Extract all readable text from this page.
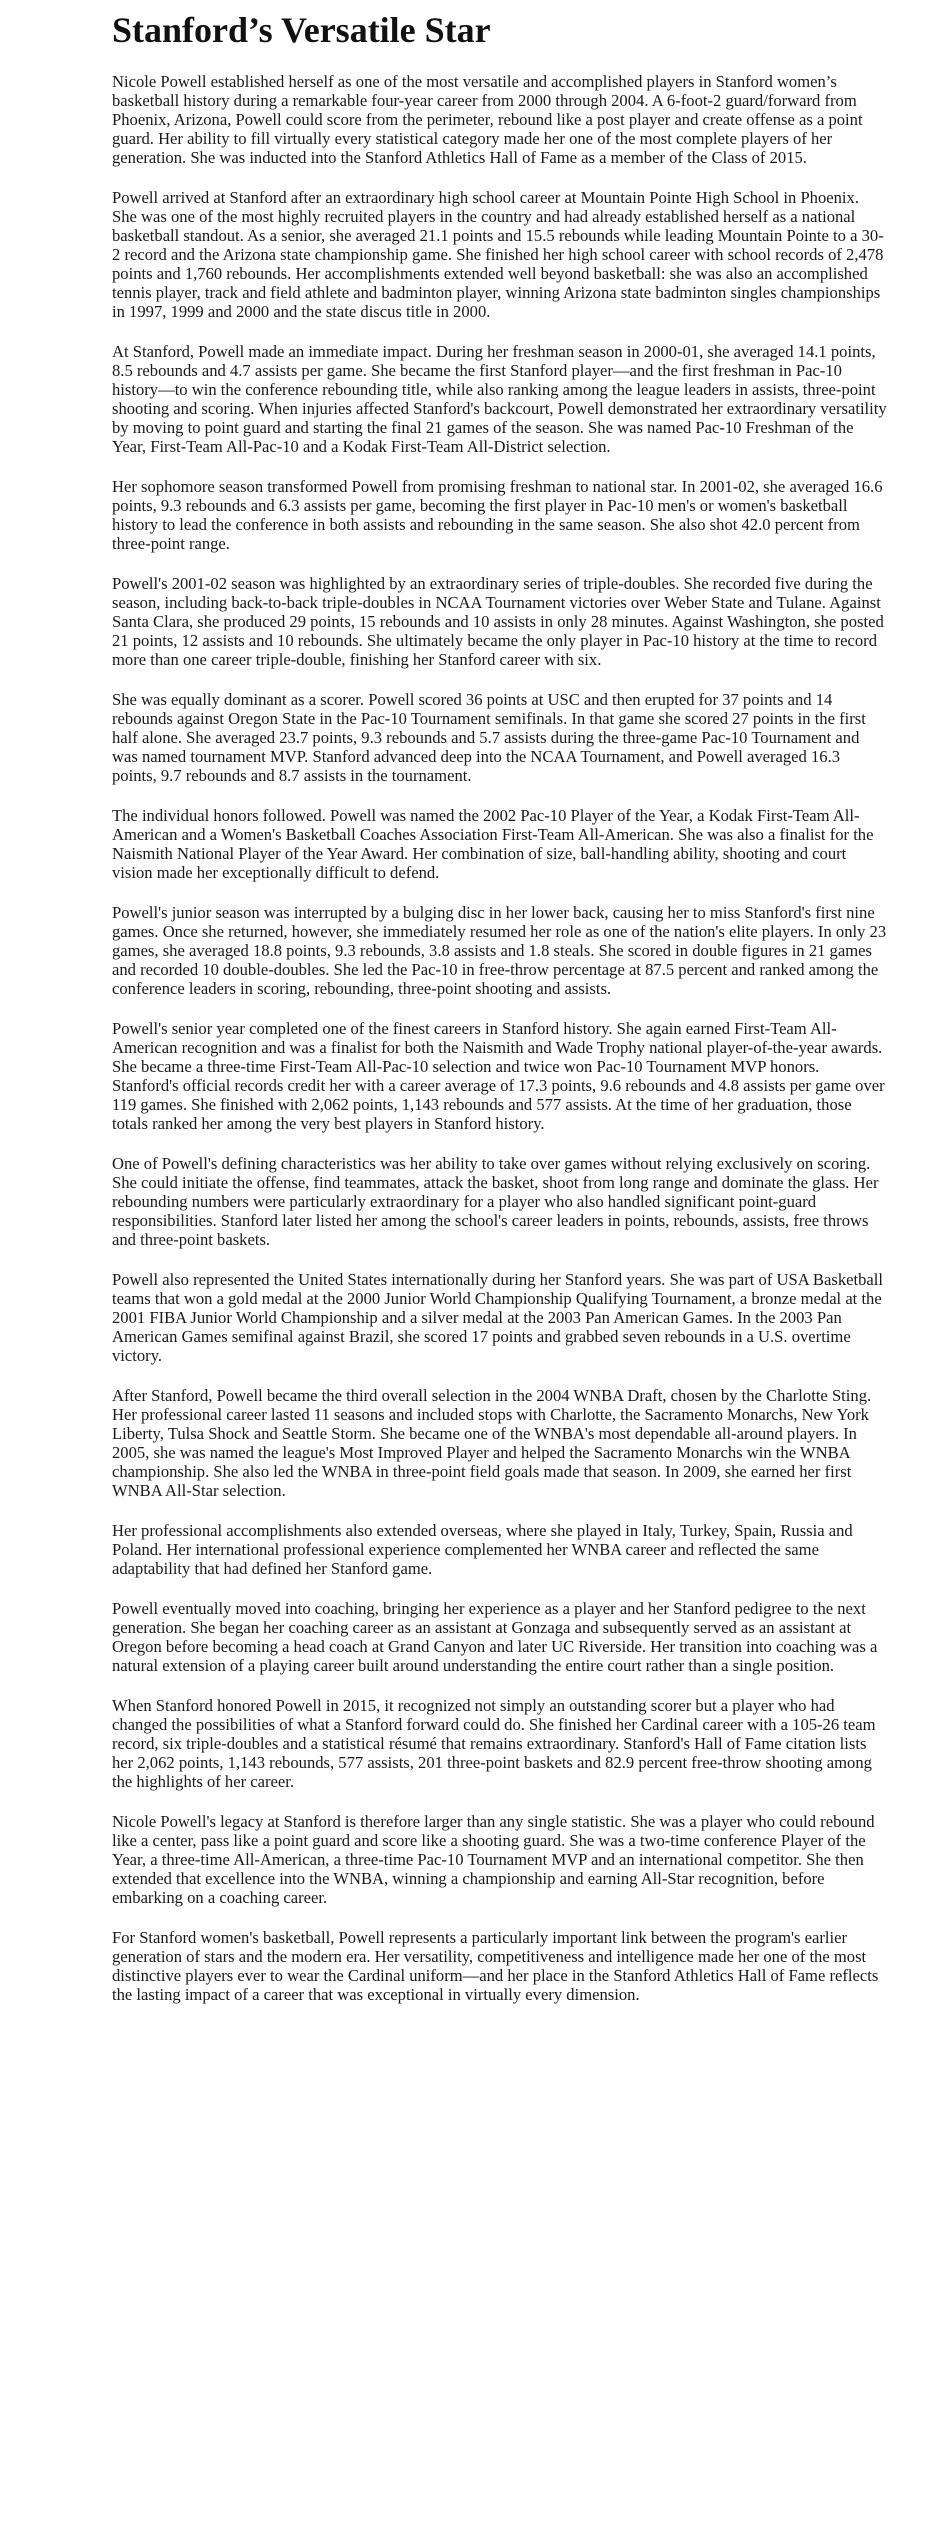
Stanford’s Versatile Star

Nicole Powell established herself as one of the most versatile and accomplished players in Stanford women’s basketball history during a remarkable four-year career from 2000 through 2004. A 6-foot-2 guard/forward from Phoenix, Arizona, Powell could score from the perimeter, rebound like a post player and create offense as a point guard. Her ability to fill virtually every statistical category made her one of the most complete players of her generation. She was inducted into the Stanford Athletics Hall of Fame as a member of the Class of 2015.

Powell arrived at Stanford after an extraordinary high school career at Mountain Pointe High School in Phoenix. She was one of the most highly recruited players in the country and had already established herself as a national basketball standout. As a senior, she averaged 21.1 points and 15.5 rebounds while leading Mountain Pointe to a 30-2 record and the Arizona state championship game. She finished her high school career with school records of 2,478 points and 1,760 rebounds. Her accomplishments extended well beyond basketball: she was also an accomplished tennis player, track and field athlete and badminton player, winning Arizona state badminton singles championships in 1997, 1999 and 2000 and the state discus title in 2000.

At Stanford, Powell made an immediate impact. During her freshman season in 2000-01, she averaged 14.1 points, 8.5 rebounds and 4.7 assists per game. She became the first Stanford player—and the first freshman in Pac-10 history—to win the conference rebounding title, while also ranking among the league leaders in assists, three-point shooting and scoring. When injuries affected Stanford's backcourt, Powell demonstrated her extraordinary versatility by moving to point guard and starting the final 21 games of the season. She was named Pac-10 Freshman of the Year, First-Team All-Pac-10 and a Kodak First-Team All-District selection.

Her sophomore season transformed Powell from promising freshman to national star. In 2001-02, she averaged 16.6 points, 9.3 rebounds and 6.3 assists per game, becoming the first player in Pac-10 men's or women's basketball history to lead the conference in both assists and rebounding in the same season. She also shot 42.0 percent from three-point range.

Powell's 2001-02 season was highlighted by an extraordinary series of triple-doubles. She recorded five during the season, including back-to-back triple-doubles in NCAA Tournament victories over Weber State and Tulane. Against Santa Clara, she produced 29 points, 15 rebounds and 10 assists in only 28 minutes. Against Washington, she posted 21 points, 12 assists and 10 rebounds. She ultimately became the only player in Pac-10 history at the time to record more than one career triple-double, finishing her Stanford career with six.

She was equally dominant as a scorer. Powell scored 36 points at USC and then erupted for 37 points and 14 rebounds against Oregon State in the Pac-10 Tournament semifinals. In that game she scored 27 points in the first half alone. She averaged 23.7 points, 9.3 rebounds and 5.7 assists during the three-game Pac-10 Tournament and was named tournament MVP. Stanford advanced deep into the NCAA Tournament, and Powell averaged 16.3 points, 9.7 rebounds and 8.7 assists in the tournament.

The individual honors followed. Powell was named the 2002 Pac-10 Player of the Year, a Kodak First-Team All-American and a Women's Basketball Coaches Association First-Team All-American. She was also a finalist for the Naismith National Player of the Year Award. Her combination of size, ball-handling ability, shooting and court vision made her exceptionally difficult to defend.

Powell's junior season was interrupted by a bulging disc in her lower back, causing her to miss Stanford's first nine games. Once she returned, however, she immediately resumed her role as one of the nation's elite players. In only 23 games, she averaged 18.8 points, 9.3 rebounds, 3.8 assists and 1.8 steals. She scored in double figures in 21 games and recorded 10 double-doubles. She led the Pac-10 in free-throw percentage at 87.5 percent and ranked among the conference leaders in scoring, rebounding, three-point shooting and assists.

Powell's senior year completed one of the finest careers in Stanford history. She again earned First-Team All-American recognition and was a finalist for both the Naismith and Wade Trophy national player-of-the-year awards. She became a three-time First-Team All-Pac-10 selection and twice won Pac-10 Tournament MVP honors. Stanford's official records credit her with a career average of 17.3 points, 9.6 rebounds and 4.8 assists per game over 119 games. She finished with 2,062 points, 1,143 rebounds and 577 assists. At the time of her graduation, those totals ranked her among the very best players in Stanford history.

One of Powell's defining characteristics was her ability to take over games without relying exclusively on scoring. She could initiate the offense, find teammates, attack the basket, shoot from long range and dominate the glass. Her rebounding numbers were particularly extraordinary for a player who also handled significant point-guard responsibilities. Stanford later listed her among the school's career leaders in points, rebounds, assists, free throws and three-point baskets.

Powell also represented the United States internationally during her Stanford years. She was part of USA Basketball teams that won a gold medal at the 2000 Junior World Championship Qualifying Tournament, a bronze medal at the 2001 FIBA Junior World Championship and a silver medal at the 2003 Pan American Games. In the 2003 Pan American Games semifinal against Brazil, she scored 17 points and grabbed seven rebounds in a U.S. overtime victory.

After Stanford, Powell became the third overall selection in the 2004 WNBA Draft, chosen by the Charlotte Sting. Her professional career lasted 11 seasons and included stops with Charlotte, the Sacramento Monarchs, New York Liberty, Tulsa Shock and Seattle Storm. She became one of the WNBA's most dependable all-around players. In 2005, she was named the league's Most Improved Player and helped the Sacramento Monarchs win the WNBA championship. She also led the WNBA in three-point field goals made that season. In 2009, she earned her first WNBA All-Star selection.

Her professional accomplishments also extended overseas, where she played in Italy, Turkey, Spain, Russia and Poland. Her international professional experience complemented her WNBA career and reflected the same adaptability that had defined her Stanford game.

Powell eventually moved into coaching, bringing her experience as a player and her Stanford pedigree to the next generation. She began her coaching career as an assistant at Gonzaga and subsequently served as an assistant at Oregon before becoming a head coach at Grand Canyon and later UC Riverside. Her transition into coaching was a natural extension of a playing career built around understanding the entire court rather than a single position.

When Stanford honored Powell in 2015, it recognized not simply an outstanding scorer but a player who had changed the possibilities of what a Stanford forward could do. She finished her Cardinal career with a 105-26 team record, six triple-doubles and a statistical résumé that remains extraordinary. Stanford's Hall of Fame citation lists her 2,062 points, 1,143 rebounds, 577 assists, 201 three-point baskets and 82.9 percent free-throw shooting among the highlights of her career.

Nicole Powell's legacy at Stanford is therefore larger than any single statistic. She was a player who could rebound like a center, pass like a point guard and score like a shooting guard. She was a two-time conference Player of the Year, a three-time All-American, a three-time Pac-10 Tournament MVP and an international competitor. She then extended that excellence into the WNBA, winning a championship and earning All-Star recognition, before embarking on a coaching career.

For Stanford women's basketball, Powell represents a particularly important link between the program's earlier generation of stars and the modern era. Her versatility, competitiveness and intelligence made her one of the most distinctive players ever to wear the Cardinal uniform—and her place in the Stanford Athletics Hall of Fame reflects the lasting impact of a career that was exceptional in virtually every dimension.
